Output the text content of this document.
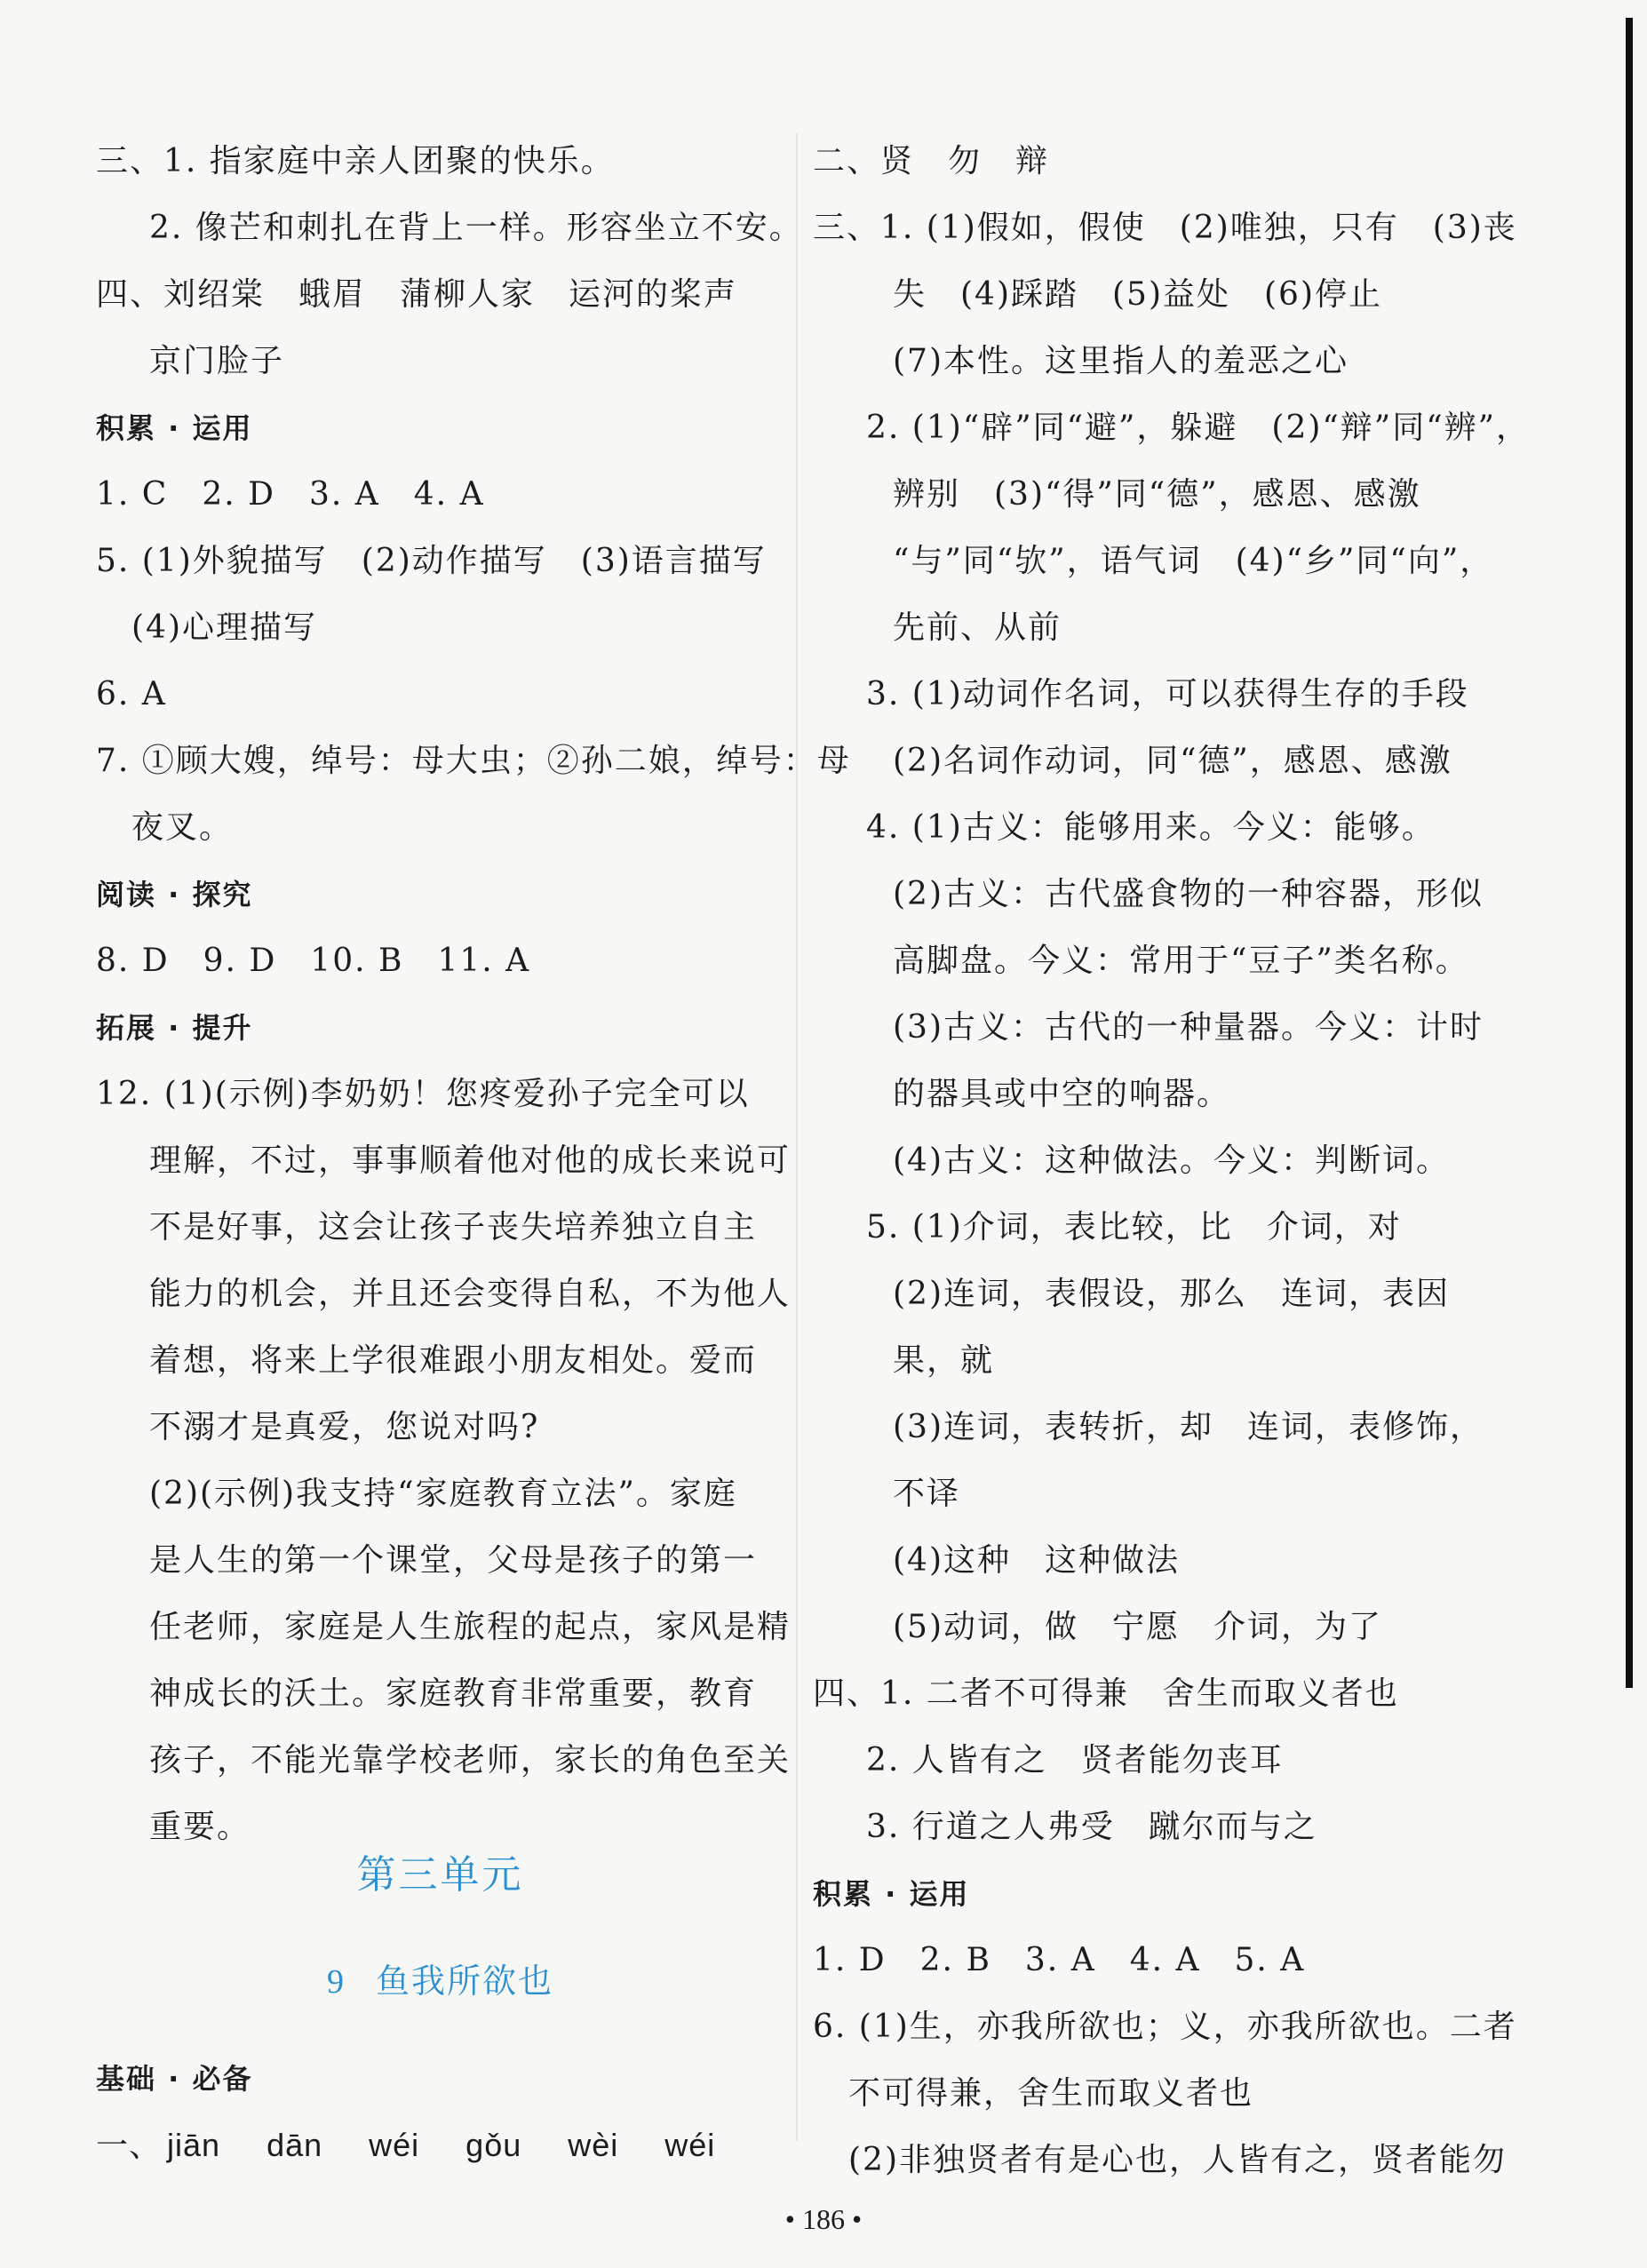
三、1. 指家庭中亲人团聚的快乐。
2. 像芒和刺扎在背上一样。形容坐立不安。
四、刘绍棠　蛾眉　蒲柳人家　运河的桨声
京门脸子
积累 · 运用
1. C　2. D　3. A　4. A
5. (1)外貌描写　(2)动作描写　(3)语言描写
(4)心理描写
6. A
7. ①顾大嫂，绰号：母大虫；②孙二娘，绰号：母
夜叉。
阅读 · 探究
8. D　9. D　10. B　11. A
拓展 · 提升
12. (1)(示例)李奶奶！您疼爱孙子完全可以
理解，不过，事事顺着他对他的成长来说可
不是好事，这会让孩子丧失培养独立自主
能力的机会，并且还会变得自私，不为他人
着想，将来上学很难跟小朋友相处。爱而
不溺才是真爱，您说对吗?
(2)(示例)我支持“家庭教育立法”。家庭
是人生的第一个课堂，父母是孩子的第一
任老师，家庭是人生旅程的起点，家风是精
神成长的沃土。家庭教育非常重要，教育
孩子，不能光靠学校老师，家长的角色至关
重要。
第三单元
9 鱼我所欲也
基础 · 必备
一、 jiān dān wéi gǒu wèi wéi
二、贤　勿　辩
三、1. (1)假如，假使　(2)唯独，只有　(3)丧
失　(4)踩踏　(5)益处　(6)停止
(7)本性。这里指人的羞恶之心
2. (1)“辟”同“避”，躲避　(2)“辩”同“辨”，
辨别　(3)“得”同“德”，感恩、感激
“与”同“欤”，语气词　(4)“乡”同“向”，
先前、从前
3. (1)动词作名词，可以获得生存的手段
(2)名词作动词，同“德”，感恩、感激
4. (1)古义：能够用来。今义：能够。
(2)古义：古代盛食物的一种容器，形似
高脚盘。今义：常用于“豆子”类名称。
(3)古义：古代的一种量器。今义：计时
的器具或中空的响器。
(4)古义：这种做法。今义：判断词。
5. (1)介词，表比较，比　介词，对
(2)连词，表假设，那么　连词，表因
果，就
(3)连词，表转折，却　连词，表修饰，
不译
(4)这种　这种做法
(5)动词，做　宁愿　介词，为了
四、1. 二者不可得兼　舍生而取义者也
2. 人皆有之　贤者能勿丧耳
3. 行道之人弗受　蹴尔而与之
积累 · 运用
1. D　2. B　3. A　4. A　5. A
6. (1)生，亦我所欲也；义，亦我所欲也。二者
不可得兼，舍生而取义者也
(2)非独贤者有是心也，人皆有之，贤者能勿
• 186 •
